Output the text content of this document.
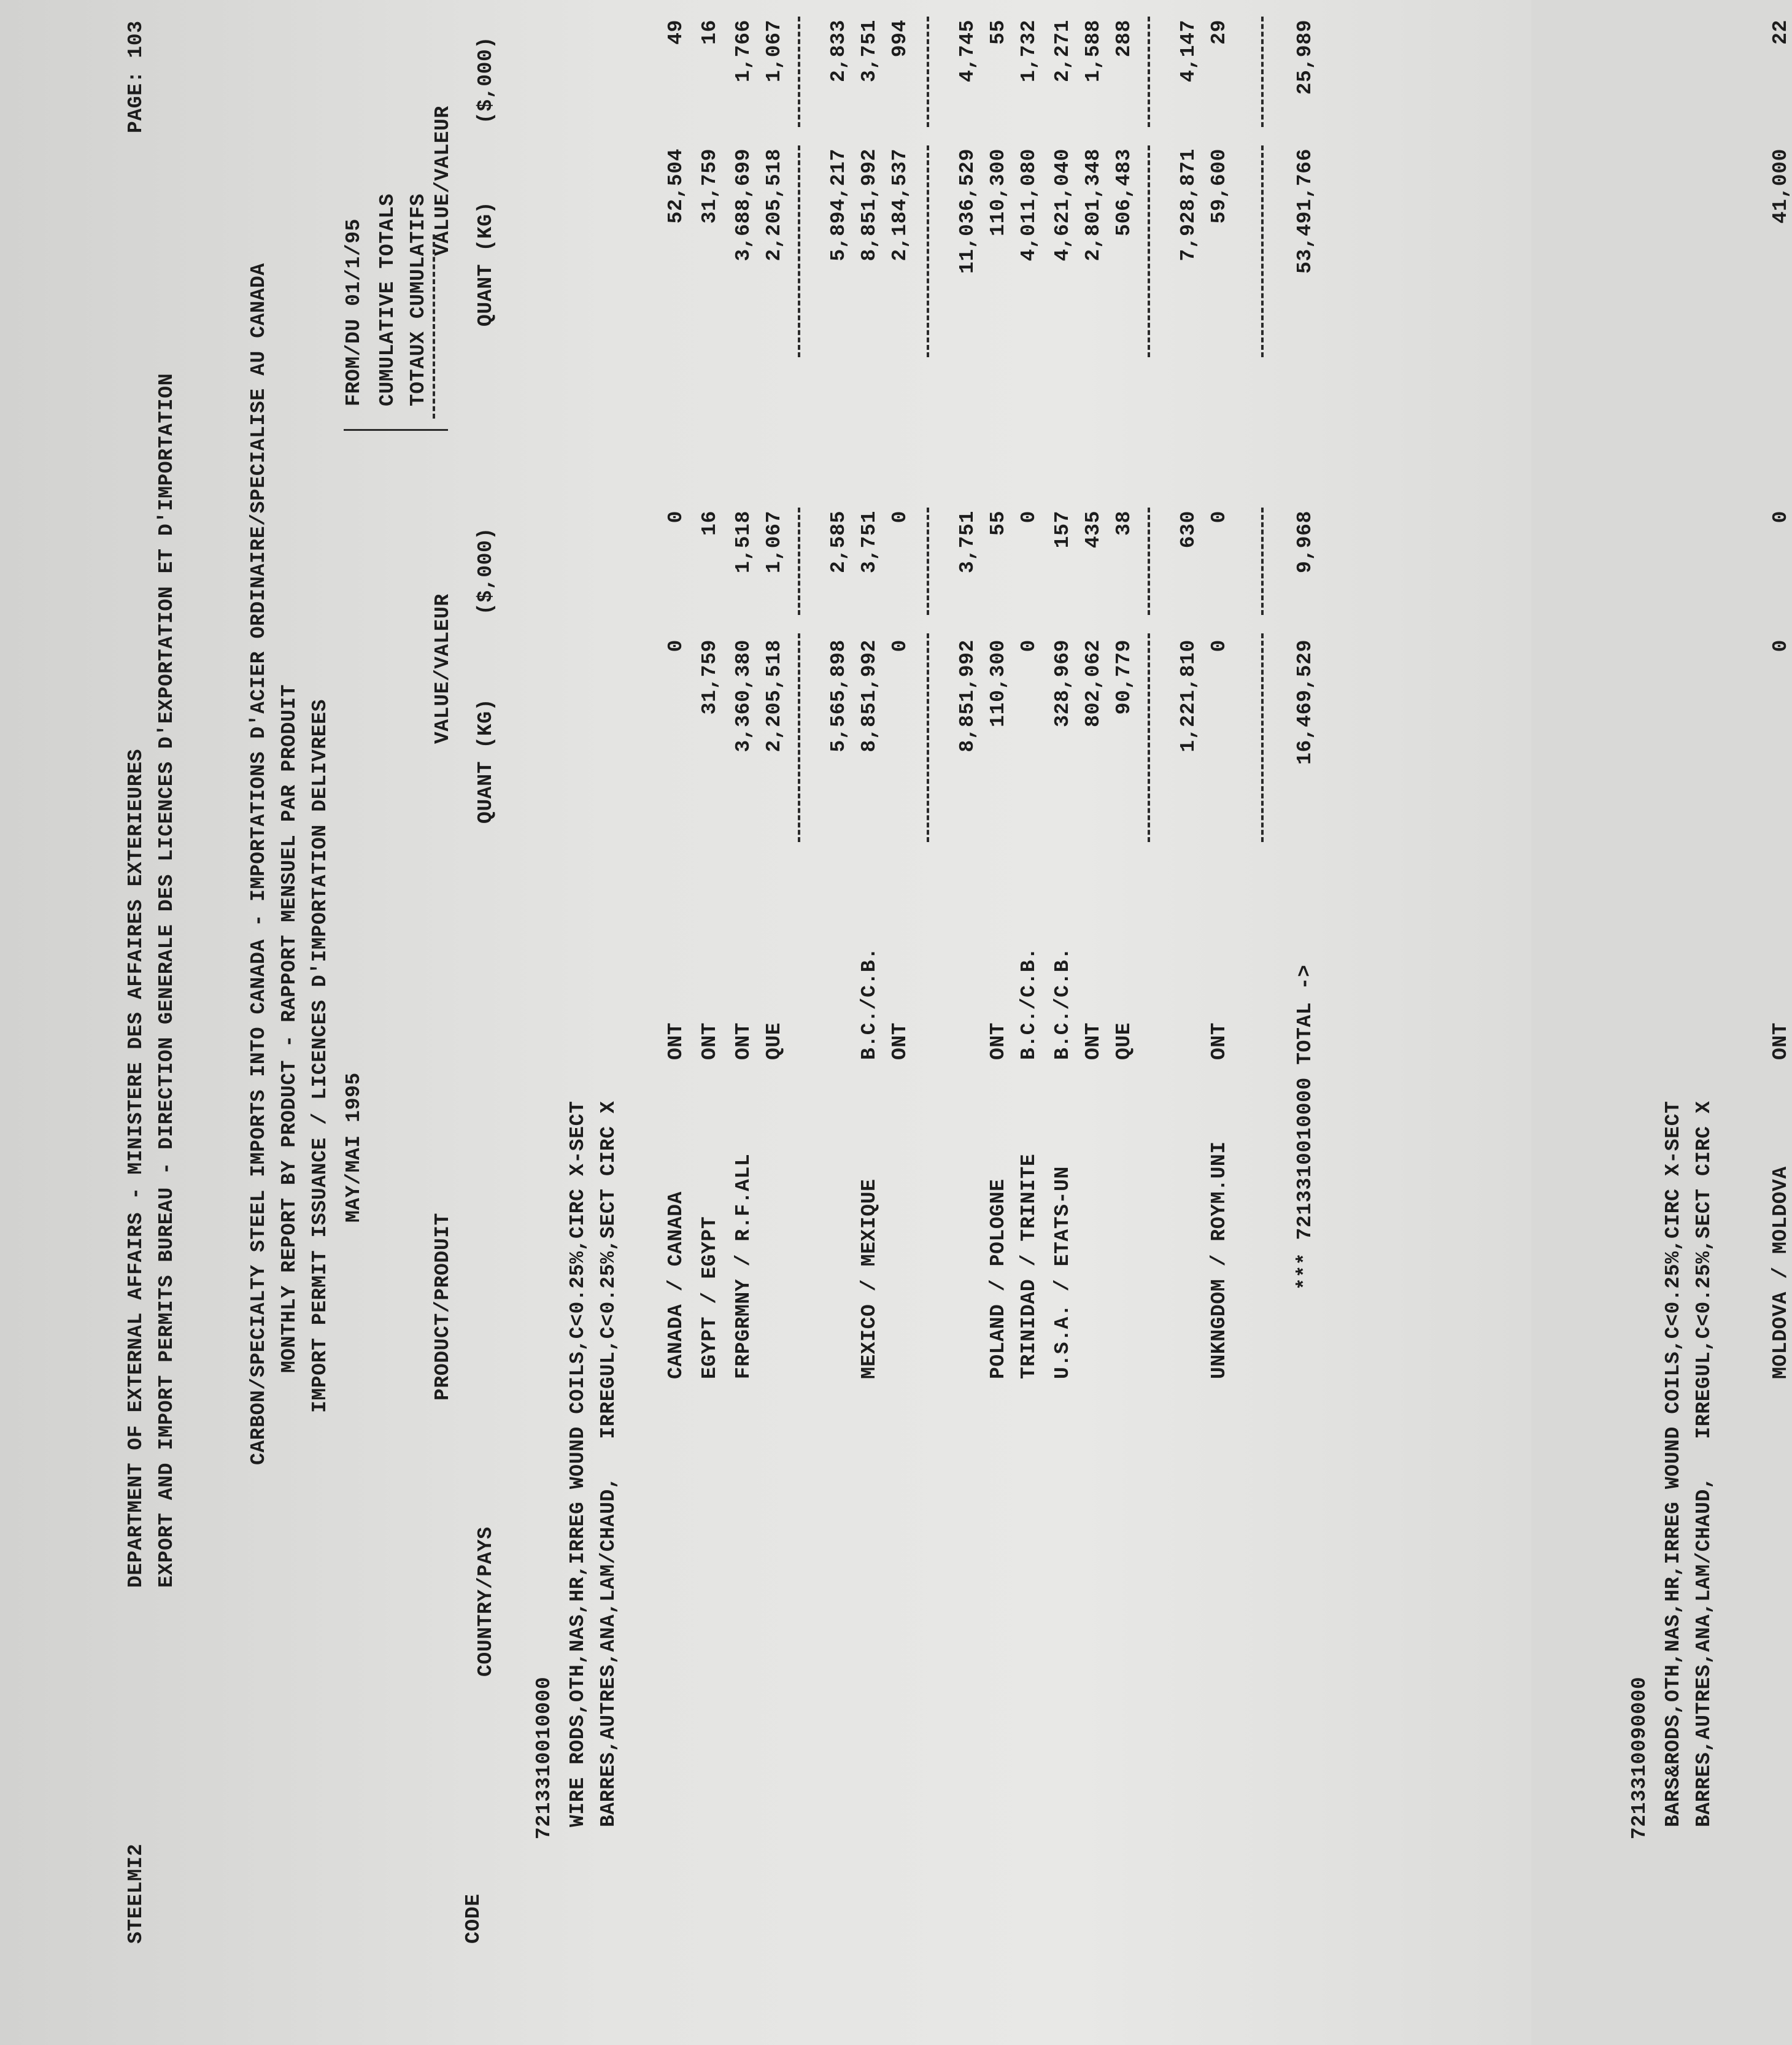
STEELMI2
DEPARTMENT OF EXTERNAL AFFAIRS - MINISTERE DES AFFAIRES EXTERIEURES EXPORT AND IMPORT PERMITS BUREAU - DIRECTION GENERALE DES LICENCES D'EXPORTATION ET D'IMPORTATION
PAGE: 103
CARBON/SPECIALTY STEEL IMPORTS INTO CANADA - IMPORTATIONS D'ACIER ORDINAIRE/SPECIALISE AU CANADA MONTHLY REPORT BY PRODUCT - RAPPORT MENSUEL PAR PRODUIT IMPORT PERMIT ISSUANCE / LICENCES D'IMPORTATION DELIVREES MAY/MAI 1995
FROM/DU 01/1/95 CUMULATIVE TOTALS TOTAUX CUMULATIFS
CODE
PRODUCT/PRODUIT
COUNTRY/PAYS
VALUE/VALEUR
QUANT (KG)
($,000)
VALUE/VALEUR
QUANT (KG)
($,000)
7213310010000 WIRE RODS,OTH,NAS,HR,IRREG WOUND COILS,C<0.25%,CIRC X-SECT BARRES,AUTRES,ANA,LAM/CHAUD,   IRREGUL,C<0.25%,SECT CIRC X CANADA / CANADA
ONT
0
0
52,504
49
EGYPT / EGYPT
ONT
31,759
16
31,759
16
FRPGRMNY / R.F.ALL
ONT
3,360,380
1,518
3,688,699
1,766
QUE
2,205,518
1,067
2,205,518
1,067
5,565,898
2,585
5,894,217
2,833
MEXICO / MEXIQUE
B.C./C.B.
8,851,992
3,751
8,851,992
3,751
ONT
0
0
2,184,537
994
8,851,992
3,751
11,036,529
4,745
POLAND / POLOGNE
ONT
110,300
55
110,300
55
TRINIDAD / TRINITE
B.C./C.B.
0
0
4,011,080
1,732
U.S.A. / ETATS-UN
B.C./C.B.
328,969
157
4,621,040
2,271
ONT
802,062
435
2,801,348
1,588
QUE
90,779
38
506,483
288
1,221,810
630
7,928,871
4,147
UNKNGDOM / ROYM.UNI
ONT
0
0
59,600
29
*** 7213310010000 TOTAL ->
16,469,529
9,968
53,491,766
25,989
7213310090000 BARS&RODS,OTH,NAS,HR,IRREG WOUND COILS,C<0.25%,CIRC X-SECT BARRES,AUTRES,ANA,LAM/CHAUD,   IRREGUL,C<0.25%,SECT CIRC X	MOLDOVA / MOLDOVA
ONT
0
0
41,000
22
